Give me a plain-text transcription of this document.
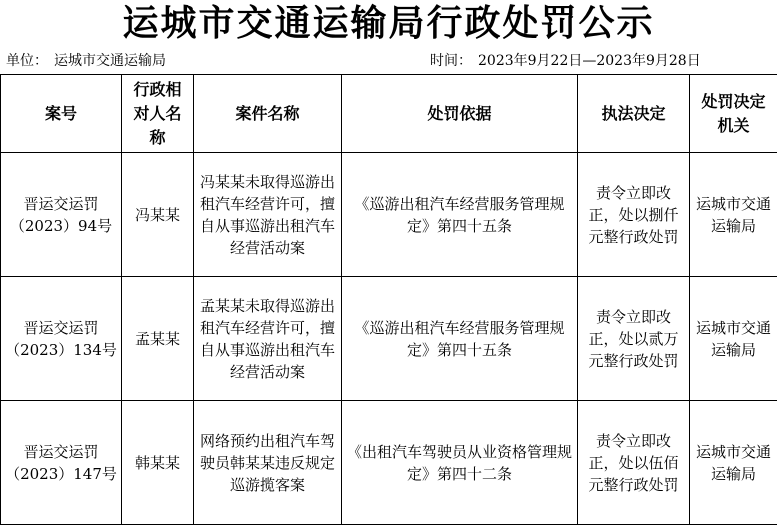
运城市交通运输局行政处罚公示
单位： 运城市交通运输局	时间： 2023年9月22日—2023年9月28日
案号	行政相对人名称	案件名称	处罚依据	执法决定	处罚决定机关
晋运交运罚（2023）94号	冯某某	冯某某未取得巡游出租汽车经营许可，擅自从事巡游出租汽车经营活动案	《巡游出租汽车经营服务管理规定》第四十五条	责令立即改正，处以捌仟元整行政处罚	运城市交通运输局
晋运交运罚（2023）134号	孟某某	孟某某未取得巡游出租汽车经营许可，擅自从事巡游出租汽车经营活动案	《巡游出租汽车经营服务管理规定》第四十五条	责令立即改正，处以贰万元整行政处罚	运城市交通运输局
晋运交运罚（2023）147号	韩某某	网络预约出租汽车驾驶员韩某某违反规定巡游揽客案	《出租汽车驾驶员从业资格管理规定》第四十二条	责令立即改正，处以伍佰元整行政处罚	运城市交通运输局
